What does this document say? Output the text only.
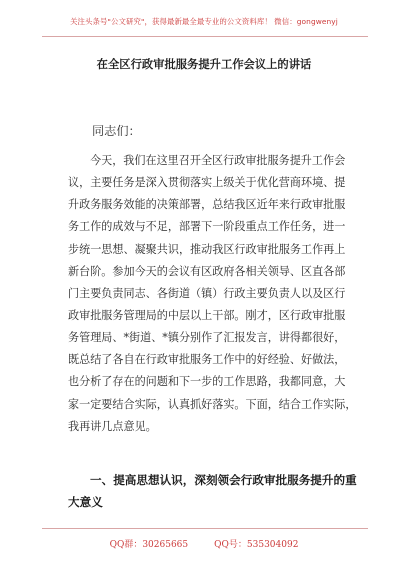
关注头条号"公文研究"，获得最新最全最专业的公文资料库！ 微信：gongwenyj
在全区行政审批服务提升工作会议上的讲话
同志们：
今天，我们在这里召开全区行政审批服务提升工作会
议，主要任务是深入贯彻落实上级关于优化营商环境、提
升政务服务效能的决策部署，总结我区近年来行政审批服
务工作的成效与不足，部署下一阶段重点工作任务，进一
步统一思想、凝聚共识，推动我区行政审批服务工作再上
新台阶。参加今天的会议有区政府各相关领导、区直各部
门主要负责同志、各街道（镇）行政主要负责人以及区行
政审批服务管理局的中层以上干部。刚才，区行政审批服
务管理局、*街道、*镇分别作了汇报发言，讲得都很好，
既总结了各自在行政审批服务工作中的好经验、好做法，
也分析了存在的问题和下一步的工作思路，我都同意，大
家一定要结合实际，认真抓好落实。下面，结合工作实际，
我再讲几点意见。
一、提高思想认识，深刻领会行政审批服务提升的重
大意义
QQ群：30265665	QQ号：535304092
